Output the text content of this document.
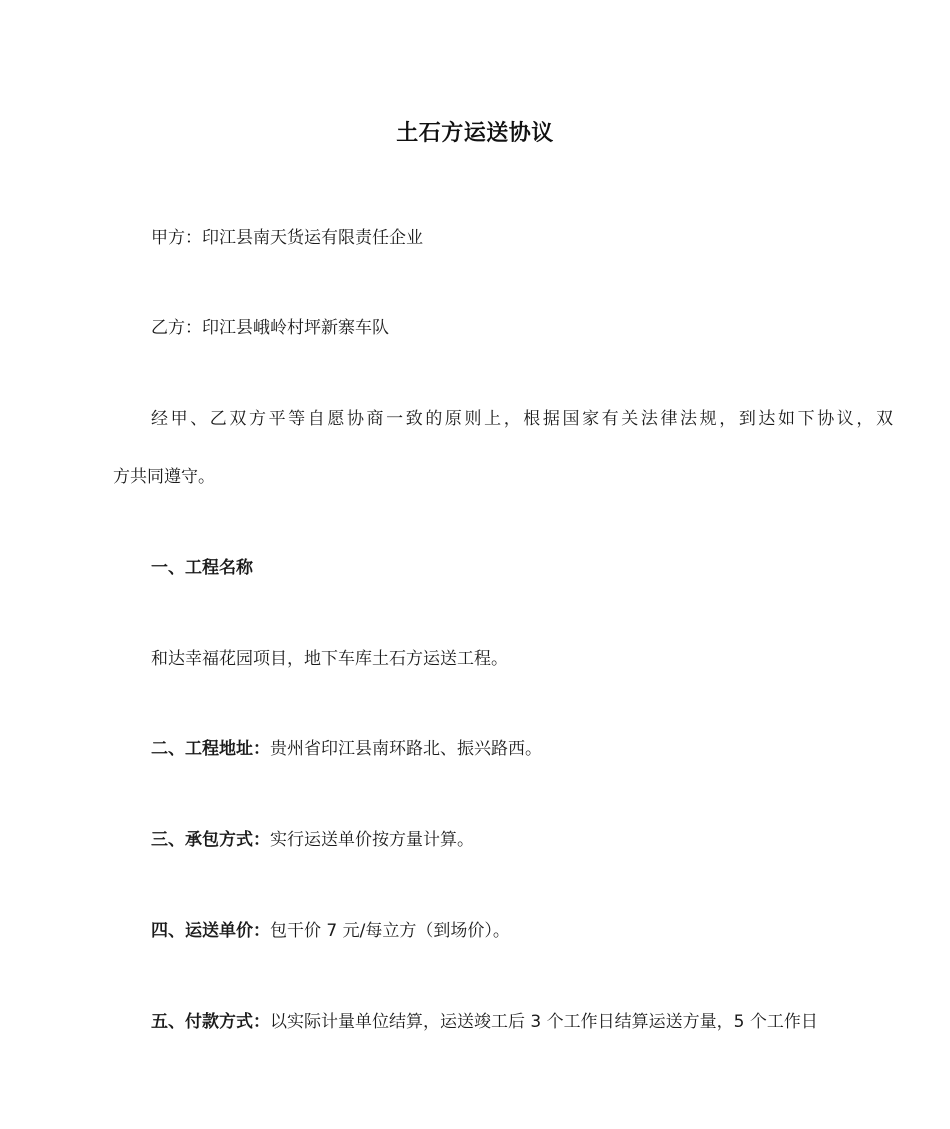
土石方运送协议
甲方：印江县南天货运有限责任企业
乙方：印江县峨岭村坪新寨车队
经甲、乙双方平等自愿协商一致的原则上，根据国家有关法律法规，到达如下协议，双
方共同遵守。
一、工程名称
和达幸福花园项目，地下车库土石方运送工程。
二、工程地址：贵州省印江县南环路北、振兴路西。
三、承包方式：实行运送单价按方量计算。
四、运送单价：包干价 7 元/每立方（到场价）。
五、付款方式：以实际计量单位结算，运送竣工后 3 个工作日结算运送方量，5 个工作日
